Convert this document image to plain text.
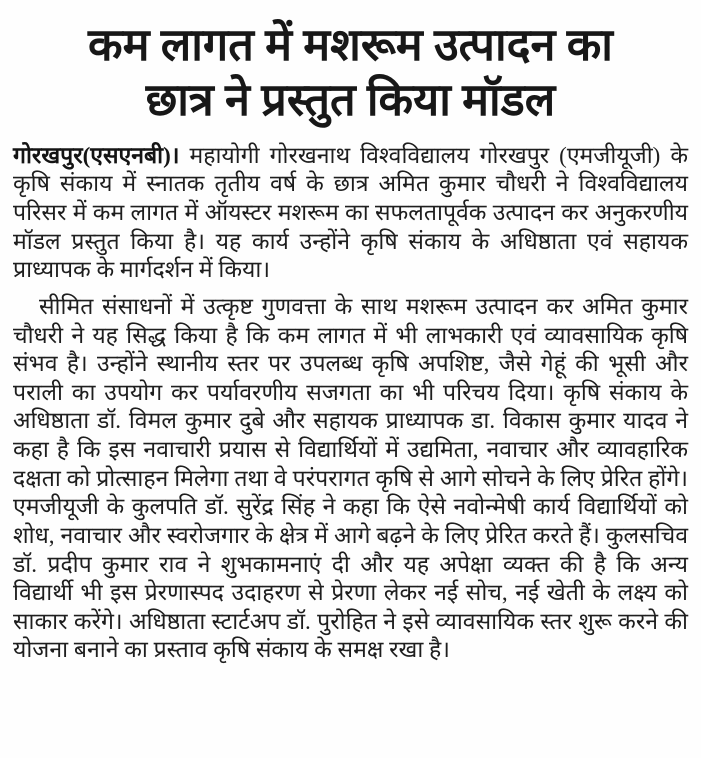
कम लागत में मशरूम उत्पादन का
छात्र ने प्रस्तुत किया मॉडल

गोरखपुर(एसएनबी)। महायोगी गोरखनाथ विश्वविद्यालय गोरखपुर (एमजीयूजी) के कृषि संकाय में स्नातक तृतीय वर्ष के छात्र अमित कुमार चौधरी ने विश्वविद्यालय परिसर में कम लागत में ऑयस्टर मशरूम का सफलतापूर्वक उत्पादन कर अनुकरणीय मॉडल प्रस्तुत किया है। यह कार्य उन्होंने कृषि संकाय के अधिष्ठाता एवं सहायक प्राध्यापक के मार्गदर्शन में किया।

सीमित संसाधनों में उत्कृष्ट गुणवत्ता के साथ मशरूम उत्पादन कर अमित कुमार चौधरी ने यह सिद्ध किया है कि कम लागत में भी लाभकारी एवं व्यावसायिक कृषि संभव है। उन्होंने स्थानीय स्तर पर उपलब्ध कृषि अपशिष्ट, जैसे गेहूं की भूसी और पराली का उपयोग कर पर्यावरणीय सजगता का भी परिचय दिया। कृषि संकाय के अधिष्ठाता डॉ. विमल कुमार दुबे और सहायक प्राध्यापक डा. विकास कुमार यादव ने कहा है कि इस नवाचारी प्रयास से विद्यार्थियों में उद्यमिता, नवाचार और व्यावहारिक दक्षता को प्रोत्साहन मिलेगा तथा वे परंपरागत कृषि से आगे सोचने के लिए प्रेरित होंगे। एमजीयूजी के कुलपति डॉ. सुरेंद्र सिंह ने कहा कि ऐसे नवोन्मेषी कार्य विद्यार्थियों को शोध, नवाचार और स्वरोजगार के क्षेत्र में आगे बढ़ने के लिए प्रेरित करते हैं। कुलसचिव डॉ. प्रदीप कुमार राव ने शुभकामनाएं दी और यह अपेक्षा व्यक्त की है कि अन्य विद्यार्थी भी इस प्रेरणास्पद उदाहरण से प्रेरणा लेकर नई सोच, नई खेती के लक्ष्य को साकार करेंगे। अधिष्ठाता स्टार्टअप डॉ. पुरोहित ने इसे व्यावसायिक स्तर शुरू करने की योजना बनाने का प्रस्ताव कृषि संकाय के समक्ष रखा है।
